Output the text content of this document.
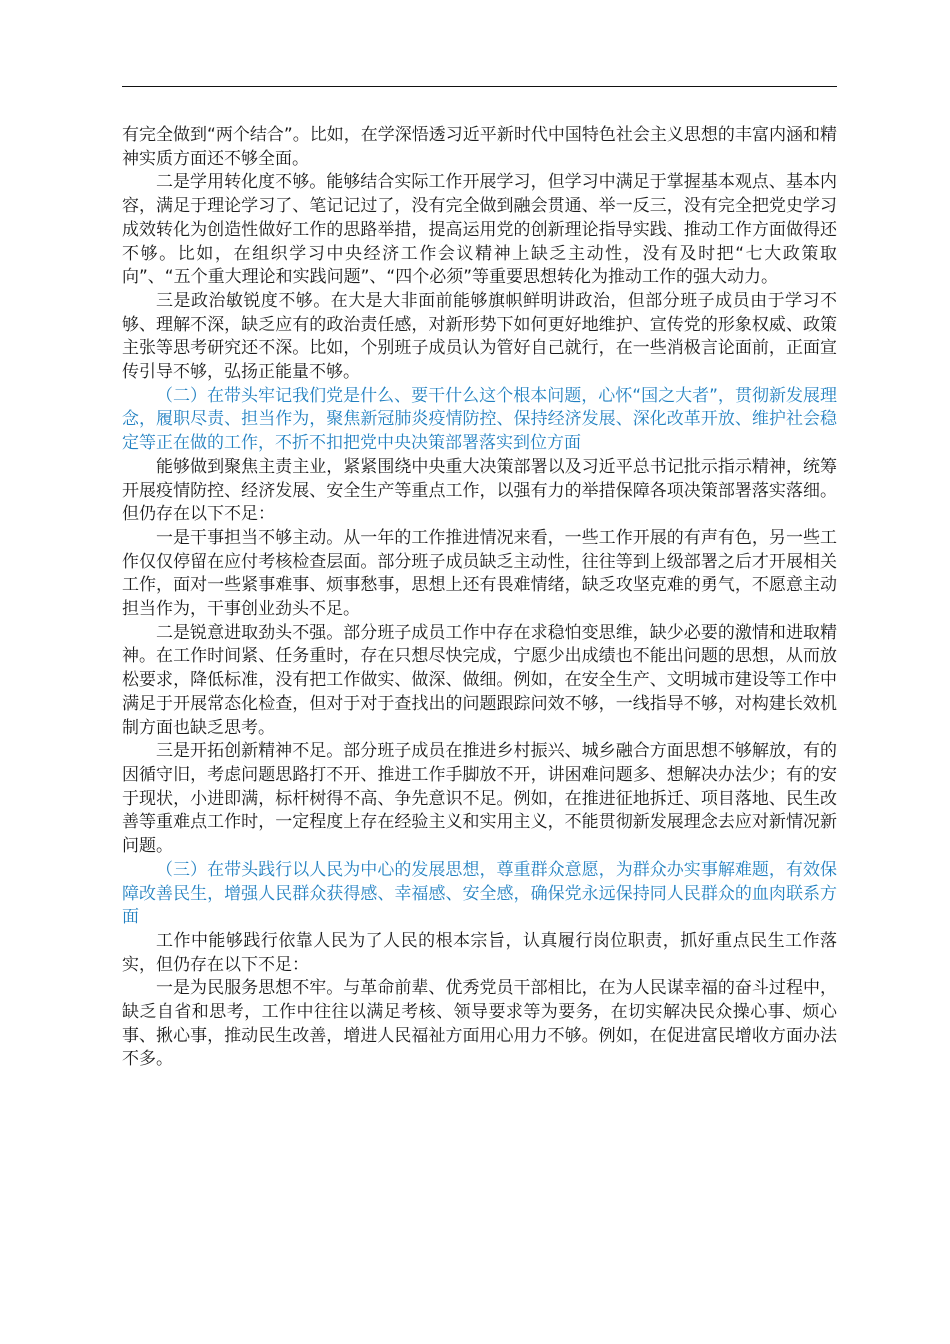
有完全做到“两个结合”。比如，在学深悟透习近平新时代中国特色社会主义思想的丰富内涵和精神实质方面还不够全面。

二是学用转化度不够。能够结合实际工作开展学习，但学习中满足于掌握基本观点、基本内容，满足于理论学习了、笔记记过了，没有完全做到融会贯通、举一反三，没有完全把党史学习成效转化为创造性做好工作的思路举措，提高运用党的创新理论指导实践、推动工作方面做得还不够。比如，在组织学习中央经济工作会议精神上缺乏主动性，没有及时把“七大政策取向”、“五个重大理论和实践问题”、“四个必须”等重要思想转化为推动工作的强大动力。

三是政治敏锐度不够。在大是大非面前能够旗帜鲜明讲政治，但部分班子成员由于学习不够、理解不深，缺乏应有的政治责任感，对新形势下如何更好地维护、宣传党的形象权威、政策主张等思考研究还不深。比如，个别班子成员认为管好自己就行，在一些消极言论面前，正面宣传引导不够，弘扬正能量不够。

（二）在带头牢记我们党是什么、要干什么这个根本问题，心怀“国之大者”，贯彻新发展理念，履职尽责、担当作为，聚焦新冠肺炎疫情防控、保持经济发展、深化改革开放、维护社会稳定等正在做的工作，不折不扣把党中央决策部署落实到位方面

能够做到聚焦主责主业，紧紧围绕中央重大决策部署以及习近平总书记批示指示精神，统筹开展疫情防控、经济发展、安全生产等重点工作，以强有力的举措保障各项决策部署落实落细。但仍存在以下不足：

一是干事担当不够主动。从一年的工作推进情况来看，一些工作开展的有声有色，另一些工作仅仅停留在应付考核检查层面。部分班子成员缺乏主动性，往往等到上级部署之后才开展相关工作，面对一些紧事难事、烦事愁事，思想上还有畏难情绪，缺乏攻坚克难的勇气，不愿意主动担当作为，干事创业劲头不足。

二是锐意进取劲头不强。部分班子成员工作中存在求稳怕变思维，缺少必要的激情和进取精神。在工作时间紧、任务重时，存在只想尽快完成，宁愿少出成绩也不能出问题的思想，从而放松要求，降低标准，没有把工作做实、做深、做细。例如，在安全生产、文明城市建设等工作中满足于开展常态化检查，但对于对于查找出的问题跟踪问效不够，一线指导不够，对构建长效机制方面也缺乏思考。

三是开拓创新精神不足。部分班子成员在推进乡村振兴、城乡融合方面思想不够解放，有的因循守旧，考虑问题思路打不开、推进工作手脚放不开，讲困难问题多、想解决办法少；有的安于现状，小进即满，标杆树得不高、争先意识不足。例如，在推进征地拆迁、项目落地、民生改善等重难点工作时，一定程度上存在经验主义和实用主义，不能贯彻新发展理念去应对新情况新问题。

（三）在带头践行以人民为中心的发展思想，尊重群众意愿，为群众办实事解难题，有效保障改善民生，增强人民群众获得感、幸福感、安全感，确保党永远保持同人民群众的血肉联系方面

工作中能够践行依靠人民为了人民的根本宗旨，认真履行岗位职责，抓好重点民生工作落实，但仍存在以下不足：

一是为民服务思想不牢。与革命前辈、优秀党员干部相比，在为人民谋幸福的奋斗过程中，缺乏自省和思考，工作中往往以满足考核、领导要求等为要务，在切实解决民众操心事、烦心事、揪心事，推动民生改善，增进人民福祉方面用心用力不够。例如，在促进富民增收方面办法不多。
